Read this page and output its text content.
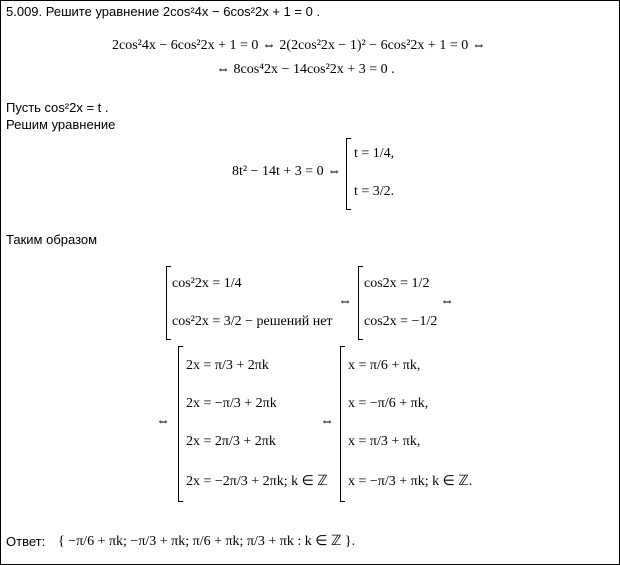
5.009. Решите уравнение 2cos²4x − 6cos²2x + 1 = 0 .
2cos²4x − 6cos²2x + 1 = 0 ⇔ 2(2cos²2x − 1)² − 6cos²2x + 1 = 0 ⇔
⇔ 8cos⁴2x − 14cos²2x + 3 = 0 .
Пусть cos²2x = t .
Решим уравнение
8t² − 14t + 3 = 0 ⇔
t = 1/4,
t = 3/2.
Таким образом
cos²2x = 1/4
cos²2x = 3/2 − решений нет
⇔
cos2x = 1/2
cos2x = −1/2
⇔
⇔
2x = π/3 + 2πk
2x = −π/3 + 2πk
2x = 2π/3 + 2πk
2x = −2π/3 + 2πk; k ∈ ℤ
⇔
x = π/6 + πk,
x = −π/6 + πk,
x = π/3 + πk,
x = −π/3 + πk; k ∈ ℤ.
Ответ: { −π/6 + πk; −π/3 + πk; π/6 + πk; π/3 + πk : k ∈ ℤ }.
